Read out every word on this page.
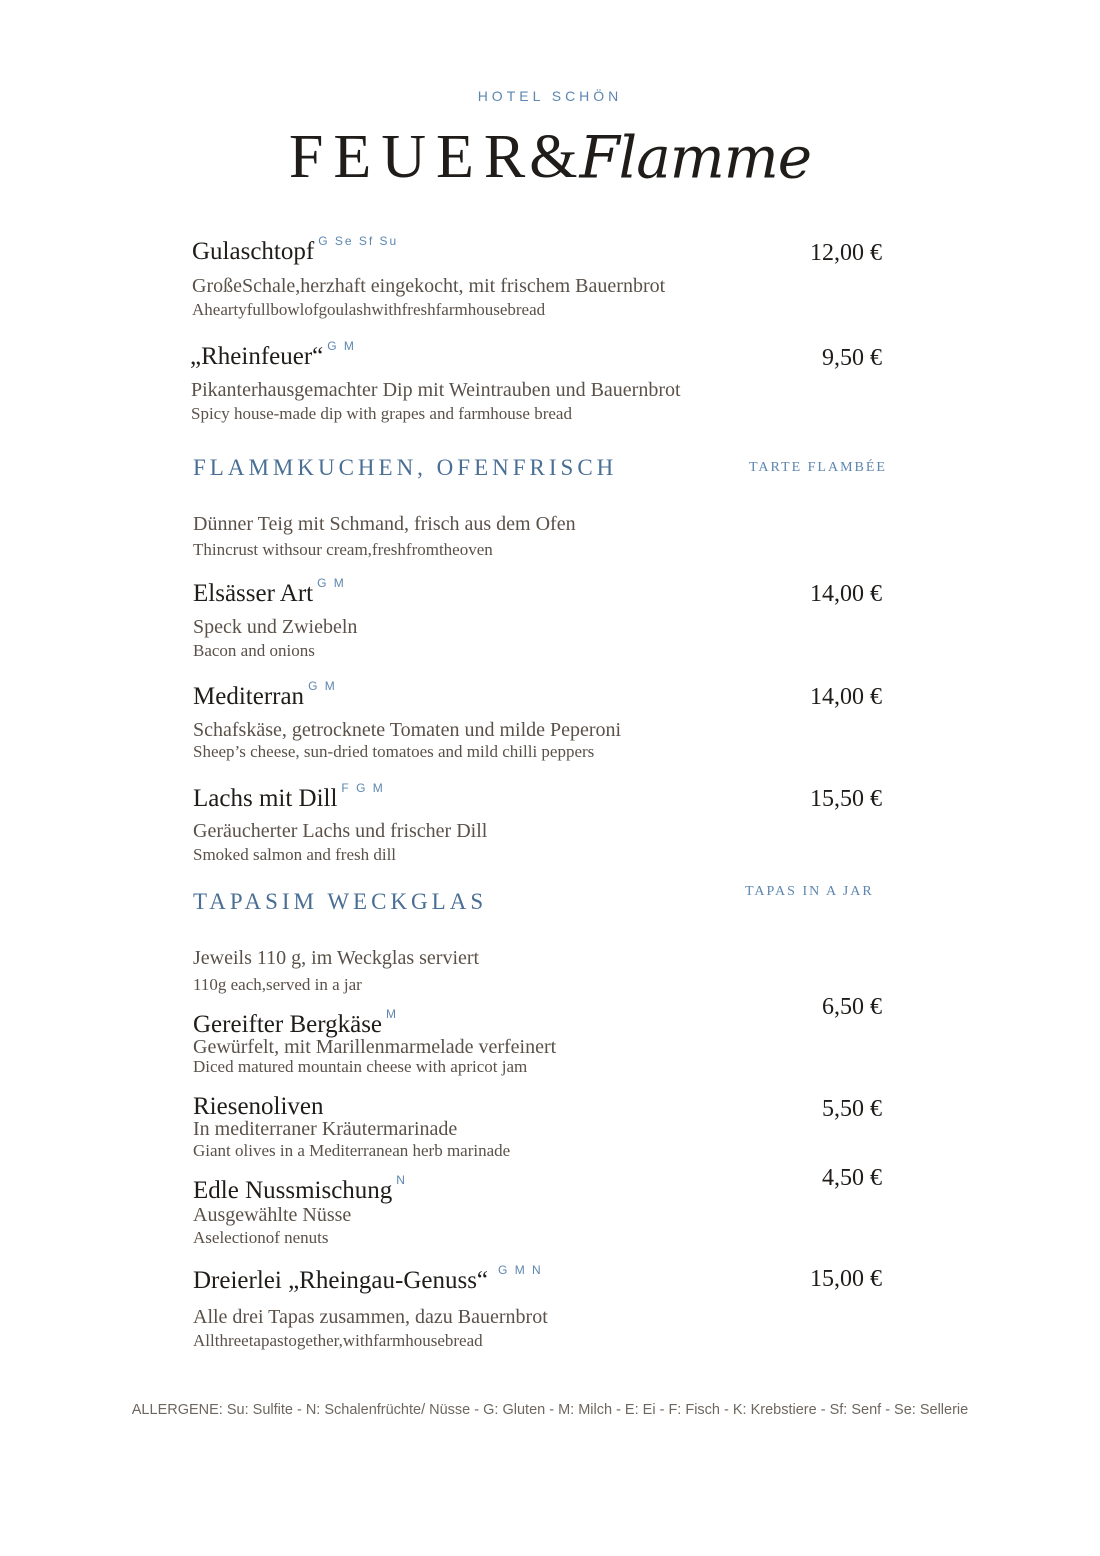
HOTEL SCHÖN
FEUER&Flamme
Gulaschtopf $^{G Se Sf Su}$	12,00 €
GroßeSchale,herzhaft eingekocht, mit frischem Bauernbrot
Aheartyfullbowlofgoulashwithfreshfarmhousebread
„Rheinfeuer“ $^{G M}$	9,50 €
Pikanterhausgemachter Dip mit Weintrauben und Bauernbrot
Spicy house-made dip with grapes and farmhouse bread
FLAMMKUCHEN, OFENFRISCH	TARTE FLAMBÉE
Dünner Teig mit Schmand, frisch aus dem Ofen
Thincrust withsour cream,freshfromtheoven
Elsässer Art $^{G M}$	14,00 €
Speck und Zwiebeln
Bacon and onions
Mediterran $^{G M}$	14,00 €
Schafskäse, getrocknete Tomaten und milde Peperoni
Sheep’s cheese, sun-dried tomatoes and mild chilli peppers
Lachs mit Dill $^{F G M}$	15,50 €
Geräucherter Lachs und frischer Dill
Smoked salmon and fresh dill
TAPASIM WECKGLAS	TAPAS IN A JAR
Jeweils 110 g, im Weckglas serviert
110g each,served in a jar
Gereifter Bergkäse $^M$	6,50 €
Gewürfelt, mit Marillenmarmelade verfeinert
Diced matured mountain cheese with apricot jam
Riesenoliven	5,50 €
In mediterraner Kräutermarinade
Giant olives in a Mediterranean herb marinade
Edle Nussmischung $^N$	4,50 €
Ausgewählte Nüsse
Aselectionof nenuts
Dreierlei „Rheingau-Genuss“ $^{G M N}$	15,00 €
Alle drei Tapas zusammen, dazu Bauernbrot
Allthreetapastogether,withfarmhousebread
ALLERGENE: Su: Sulfite - N: Schalenfrüchte/ Nüsse - G: Gluten - M: Milch - E: Ei - F: Fisch - K: Krebstiere - Sf: Senf - Se: Sellerie
